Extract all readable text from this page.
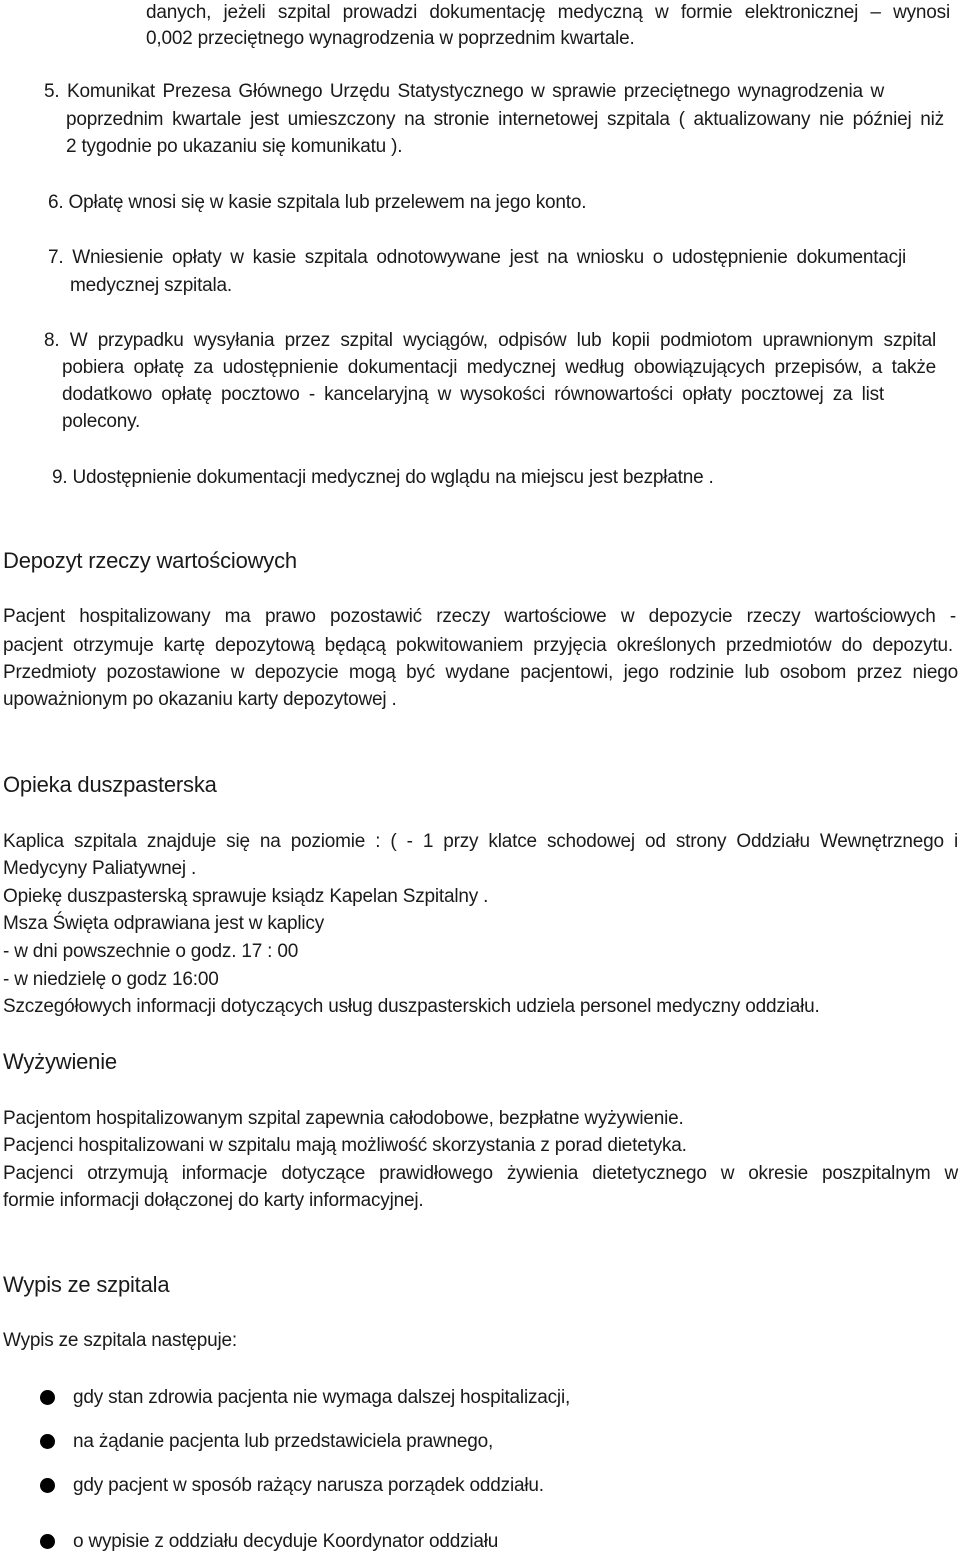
danych, jeżeli szpital prowadzi dokumentację medyczną w formie elektronicznej – wynosi
0,002 przeciętnego wynagrodzenia w poprzednim kwartale.
5. Komunikat Prezesa Głównego Urzędu Statystycznego w sprawie przeciętnego wynagrodzenia w
poprzednim kwartale jest umieszczony na stronie internetowej szpitala ( aktualizowany nie później niż
2 tygodnie po ukazaniu się komunikatu ).
6. Opłatę wnosi się w kasie szpitala lub przelewem na jego konto.
7. Wniesienie opłaty w kasie szpitala odnotowywane jest na wniosku o udostępnienie dokumentacji
medycznej szpitala.
8. W przypadku wysyłania przez szpital wyciągów, odpisów lub kopii podmiotom uprawnionym szpital
pobiera opłatę za udostępnienie dokumentacji medycznej według obowiązujących przepisów, a także
dodatkowo opłatę pocztowo - kancelaryjną w wysokości równowartości opłaty pocztowej za list
polecony.
9. Udostępnienie dokumentacji medycznej do wglądu na miejscu jest bezpłatne .
Depozyt rzeczy wartościowych
Pacjent hospitalizowany ma prawo pozostawić rzeczy wartościowe w depozycie rzeczy wartościowych -
pacjent otrzymuje kartę depozytową będącą pokwitowaniem przyjęcia określonych przedmiotów do depozytu.
Przedmioty pozostawione w depozycie mogą być wydane pacjentowi, jego rodzinie lub osobom przez niego
upoważnionym po okazaniu karty depozytowej .
Opieka duszpasterska
Kaplica szpitala znajduje się na poziomie : ( - 1 przy klatce schodowej od strony Oddziału Wewnętrznego i
Medycyny Paliatywnej .
Opiekę duszpasterską sprawuje ksiądz Kapelan Szpitalny .
Msza Święta odprawiana jest w kaplicy
- w dni powszechnie o godz. 17 : 00
- w niedzielę o godz 16:00
Szczegółowych informacji dotyczących usług duszpasterskich udziela personel medyczny oddziału.
Wyżywienie
Pacjentom hospitalizowanym szpital zapewnia całodobowe, bezpłatne wyżywienie.
Pacjenci hospitalizowani w szpitalu mają możliwość skorzystania z porad dietetyka.
Pacjenci otrzymują informacje dotyczące prawidłowego żywienia dietetycznego w okresie poszpitalnym w
formie informacji dołączonej do karty informacyjnej.
Wypis ze szpitala
Wypis ze szpitala następuje:
gdy stan zdrowia pacjenta nie wymaga dalszej hospitalizacji,
na żądanie pacjenta lub przedstawiciela prawnego,
gdy pacjent w sposób rażący narusza porządek oddziału.
o wypisie z oddziału decyduje Koordynator oddziału
